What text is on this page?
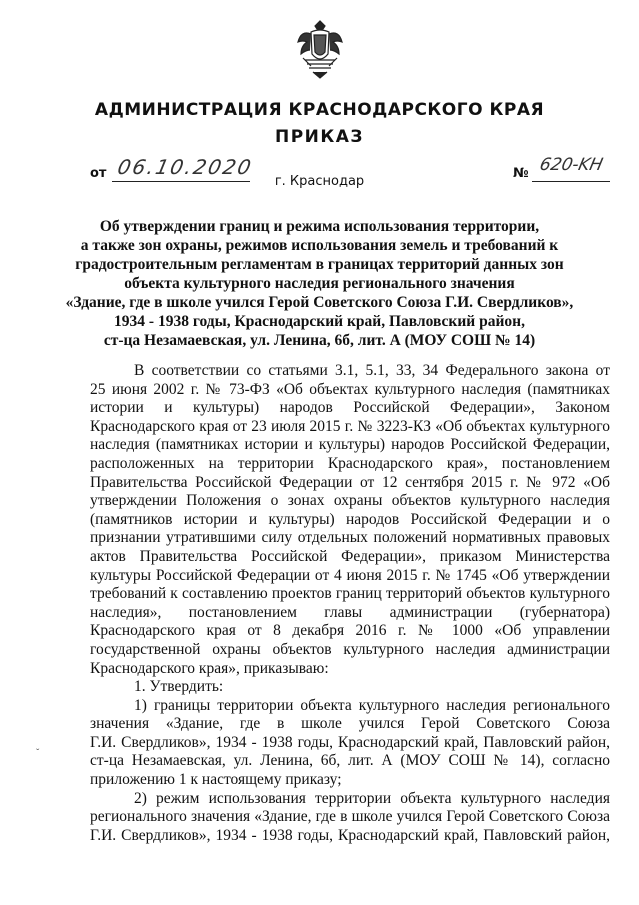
АДМИНИСТРАЦИЯ КРАСНОДАРСКОГО КРАЯ
ПРИКАЗ
от 06.10.2020	№ 620-KH
г. Краснодар
Об утверждении границ и режима использования территории,
а также зон охраны, режимов использования земель и требований к
градостроительным регламентам в границах территорий данных зон
объекта культурного наследия регионального значения
«Здание, где в школе учился Герой Советского Союза Г.И. Свердликов»,
1934 - 1938 годы, Краснодарский край, Павловский район,
ст-ца Незамаевская, ул. Ленина, 6б, лит. А (МОУ СОШ № 14)

В соответствии со статьями 3.1, 5.1, 33, 34 Федерального закона от

25 июня 2002 г. № 73-ФЗ «Об объектах культурного наследия (памятниках

истории и культуры) народов Российской Федерации», Законом

Краснодарского края от 23 июля 2015 г. № 3223-КЗ «Об объектах культурного

наследия (памятниках истории и культуры) народов Российской Федерации,

расположенных на территории Краснодарского края», постановлением

Правительства Российской Федерации от 12 сентября 2015 г. № 972 «Об

утверждении Положения о зонах охраны объектов культурного наследия

(памятников истории и культуры) народов Российской Федерации и о

признании утратившими силу отдельных положений нормативных правовых

актов Правительства Российской Федерации», приказом Министерства

культуры Российской Федерации от 4 июня 2015 г. № 1745 «Об утверждении

требований к составлению проектов границ территорий объектов культурного

наследия», постановлением главы администрации (губернатора)

Краснодарского края от 8 декабря 2016 г. № 1000 «Об управлении

государственной охраны объектов культурного наследия администрации

Краснодарского края», приказываю:

1. Утвердить:

1) границы территории объекта культурного наследия регионального

значения «Здание, где в школе учился Герой Советского Союза

Г.И. Свердликов», 1934 - 1938 годы, Краснодарский край, Павловский район,

ст-ца Незамаевская, ул. Ленина, 6б, лит. А (МОУ СОШ № 14), согласно

приложению 1 к настоящему приказу;

2) режим использования территории объекта культурного наследия

регионального значения «Здание, где в школе учился Герой Советского Союза

Г.И. Свердликов», 1934 - 1938 годы, Краснодарский край, Павловский район,

ˇ
